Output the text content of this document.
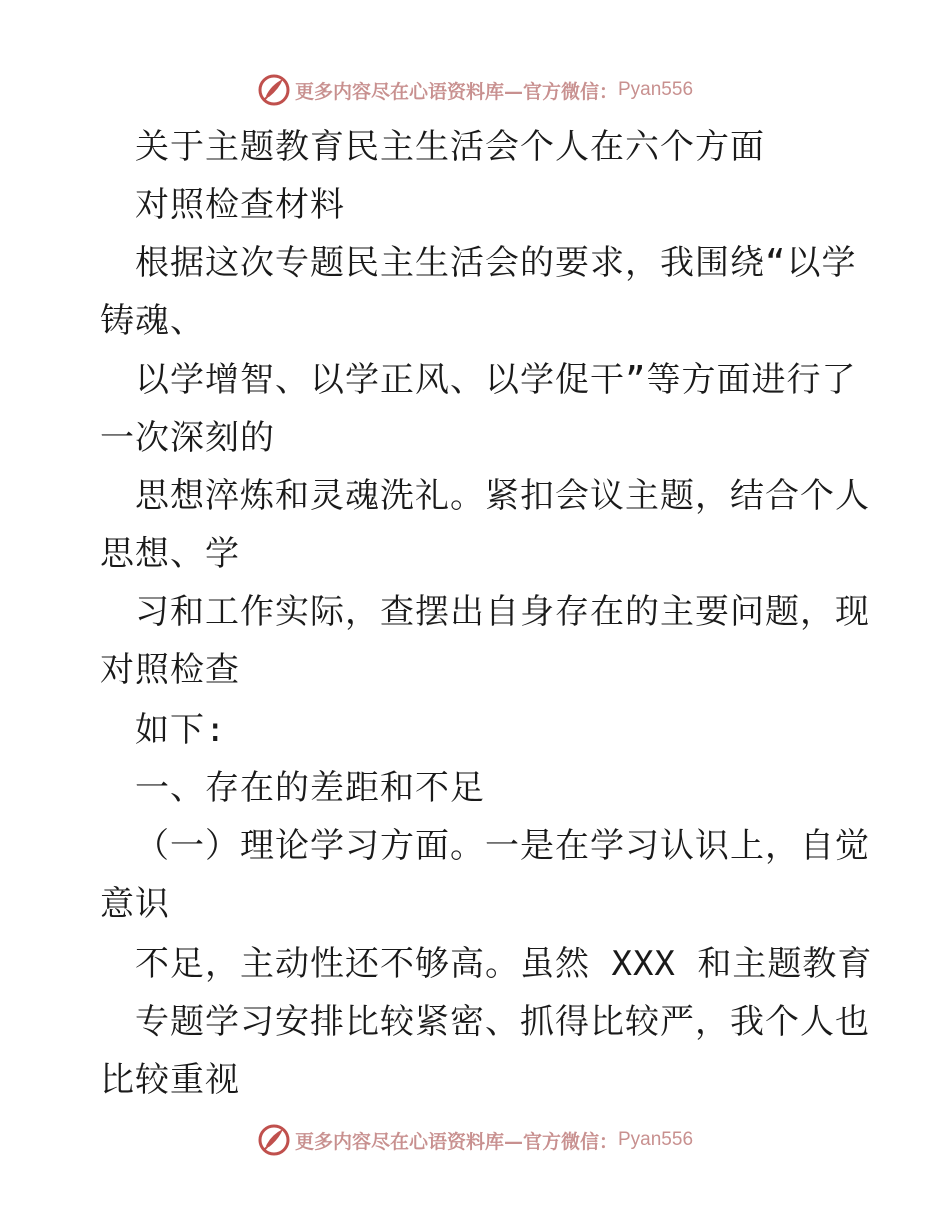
更多内容尽在心语资料库—官方微信： Pyan556
关于主题教育民主生活会个人在六个方面
对照检查材料
根据这次专题民主生活会的要求，我围绕“以学
铸魂、
以学增智、以学正风、以学促干”等方面进行了
一次深刻的
思想淬炼和灵魂洗礼。紧扣会议主题，结合个人
思想、学
习和工作实际，查摆出自身存在的主要问题，现
对照检查
如下:
一、存在的差距和不足
（一）理论学习方面。一是在学习认识上，自觉
意识
不足，主动性还不够高。虽然 XXX 和主题教育
专题学习安排比较紧密、抓得比较严，我个人也
比较重视
更多内容尽在心语资料库—官方微信： Pyan556
